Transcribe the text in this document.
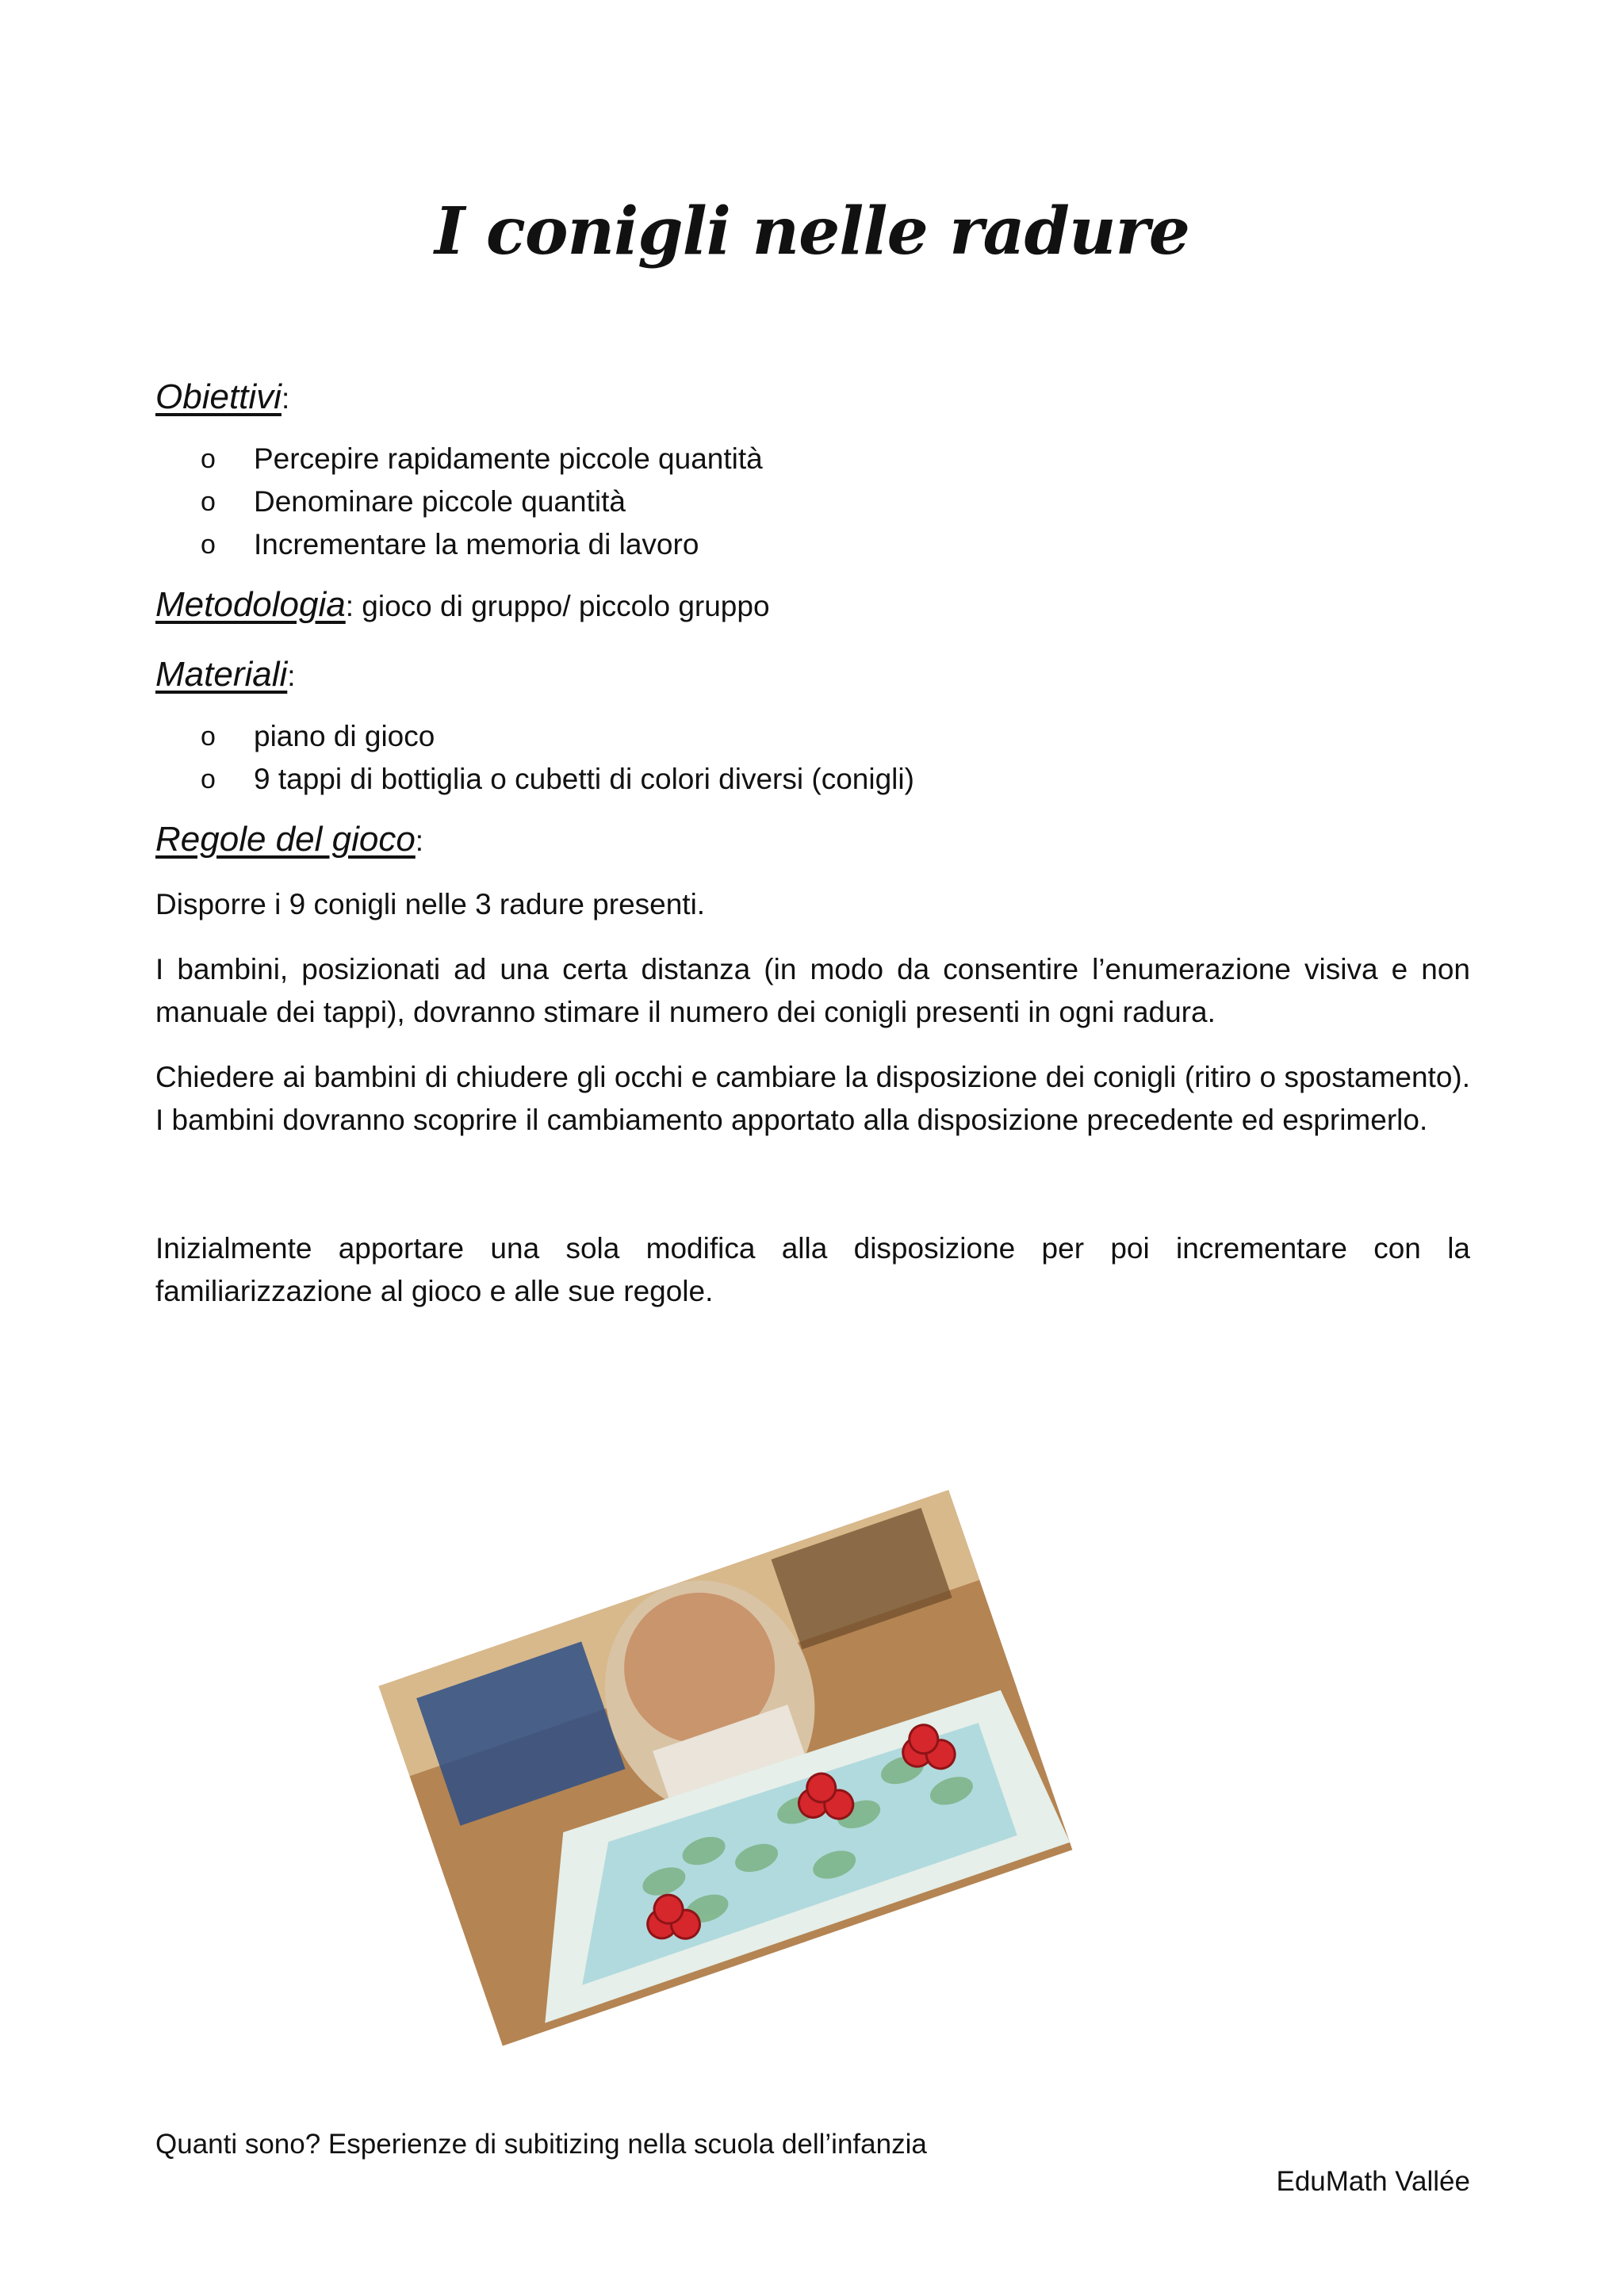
I conigli nelle radure
Obiettivi:
o Percepire rapidamente piccole quantità
o Denominare piccole quantità
o Incrementare la memoria di lavoro
Metodologia: gioco di gruppo/ piccolo gruppo
Materiali:
o piano di gioco
o 9 tappi di bottiglia o cubetti di colori diversi (conigli)
Regole del gioco:

Disporre i 9 conigli nelle 3 radure presenti.

I bambini, posizionati ad una certa distanza (in modo da consentire l’enumerazione visiva e non manuale dei tappi), dovranno stimare il numero dei conigli presenti in ogni radura.

Chiedere ai bambini di chiudere gli occhi e cambiare la disposizione dei conigli (ritiro o spostamento). I bambini dovranno scoprire il cambiamento apportato alla disposizione precedente ed esprimerlo.

Inizialmente apportare una sola modifica alla disposizione per poi incrementare con la familiarizzazione al gioco e alle sue regole.

Quanti sono? Esperienze di subitizing nella scuola dell’infanzia
EduMath Vallée
